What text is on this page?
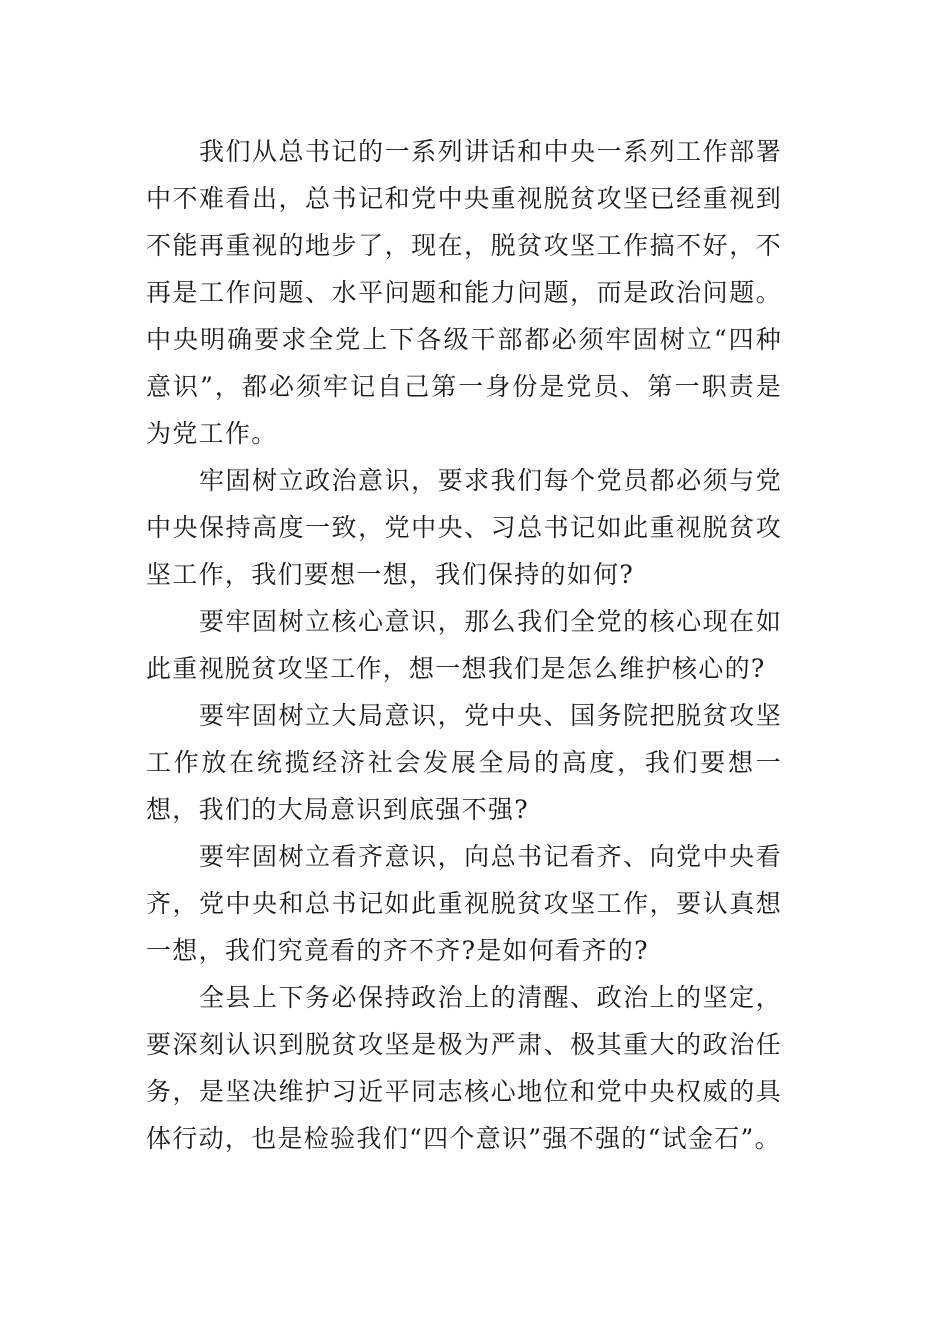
我们从总书记的一系列讲话和中央一系列工作部署中不难看出，总书记和党中央重视脱贫攻坚已经重视到不能再重视的地步了，现在，脱贫攻坚工作搞不好，不再是工作问题、水平问题和能力问题，而是政治问题。中央明确要求全党上下各级干部都必须牢固树立“四种意识”，都必须牢记自己第一身份是党员、第一职责是为党工作。

牢固树立政治意识，要求我们每个党员都必须与党中央保持高度一致，党中央、习总书记如此重视脱贫攻坚工作，我们要想一想，我们保持的如何?

要牢固树立核心意识，那么我们全党的核心现在如此重视脱贫攻坚工作，想一想我们是怎么维护核心的?

要牢固树立大局意识，党中央、国务院把脱贫攻坚工作放在统揽经济社会发展全局的高度，我们要想一想，我们的大局意识到底强不强?

要牢固树立看齐意识，向总书记看齐、向党中央看齐，党中央和总书记如此重视脱贫攻坚工作，要认真想一想，我们究竟看的齐不齐?是如何看齐的?

全县上下务必保持政治上的清醒、政治上的坚定，要深刻认识到脱贫攻坚是极为严肃、极其重大的政治任务，是坚决维护习近平同志核心地位和党中央权威的具体行动，也是检验我们“四个意识”强不强的“试金石”。
